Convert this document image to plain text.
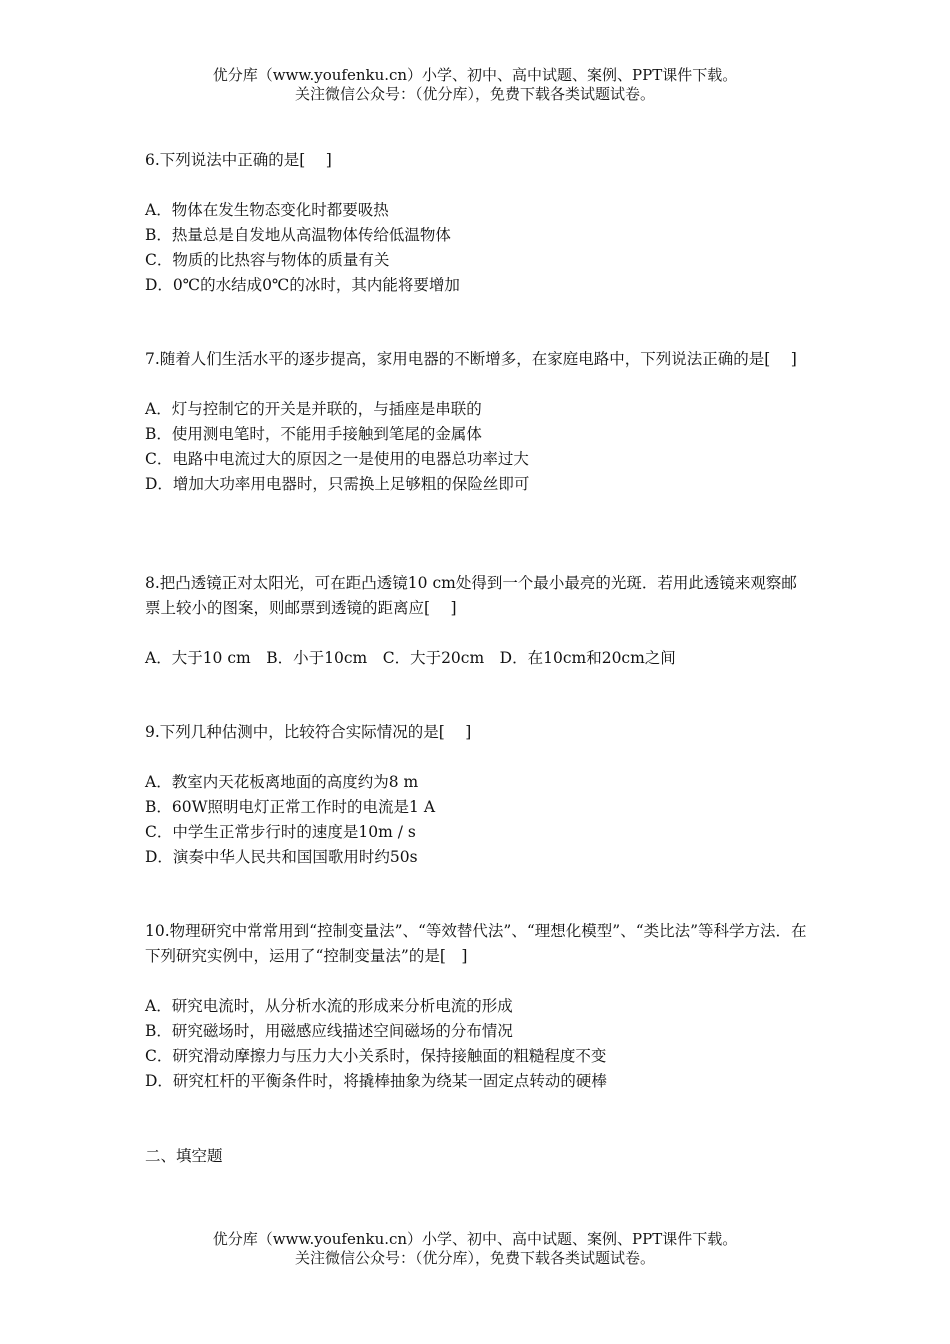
优分库（www.youfenku.cn）小学、初中、高中试题、案例、PPT课件下载。
关注微信公众号：（优分库），免费下载各类试题试卷。

6.下列说法中正确的是[　 ]

A．物体在发生物态变化时都要吸热
B．热量总是自发地从高温物体传给低温物体
C．物质的比热容与物体的质量有关
D．0℃的水结成0℃的冰时，其内能将要增加

7.随着人们生活水平的逐步提高，家用电器的不断增多，在家庭电路中，下列说法正确的是[　 ]

A．灯与控制它的开关是并联的，与插座是串联的
B．使用测电笔时，不能用手接触到笔尾的金属体
C．电路中电流过大的原因之一是使用的电器总功率过大
D．增加大功率用电器时，只需换上足够粗的保险丝即可

8.把凸透镜正对太阳光，可在距凸透镜10 cm处得到一个最小最亮的光斑．若用此透镜来观察邮票上较小的图案，则邮票到透镜的距离应[　 ]

A．大于10 cm　B．小于10cm　C．大于20cm　D．在10cm和20cm之间

9.下列几种估测中，比较符合实际情况的是[　 ]

A．教室内天花板离地面的高度约为8 m
B．60W照明电灯正常工作时的电流是1 A
C．中学生正常步行时的速度是10m / s
D．演奏中华人民共和国国歌用时约50s

10.物理研究中常常用到“控制变量法”、“等效替代法”、“理想化模型”、“类比法”等科学方法．在下列研究实例中，运用了“控制变量法”的是[　]

A．研究电流时，从分析水流的形成来分析电流的形成
B．研究磁场时，用磁感应线描述空间磁场的分布情况
C．研究滑动摩擦力与压力大小关系时，保持接触面的粗糙程度不变
D．研究杠杆的平衡条件时，将撬棒抽象为绕某一固定点转动的硬棒
二、填空题
优分库（www.youfenku.cn）小学、初中、高中试题、案例、PPT课件下载。
关注微信公众号：（优分库），免费下载各类试题试卷。
